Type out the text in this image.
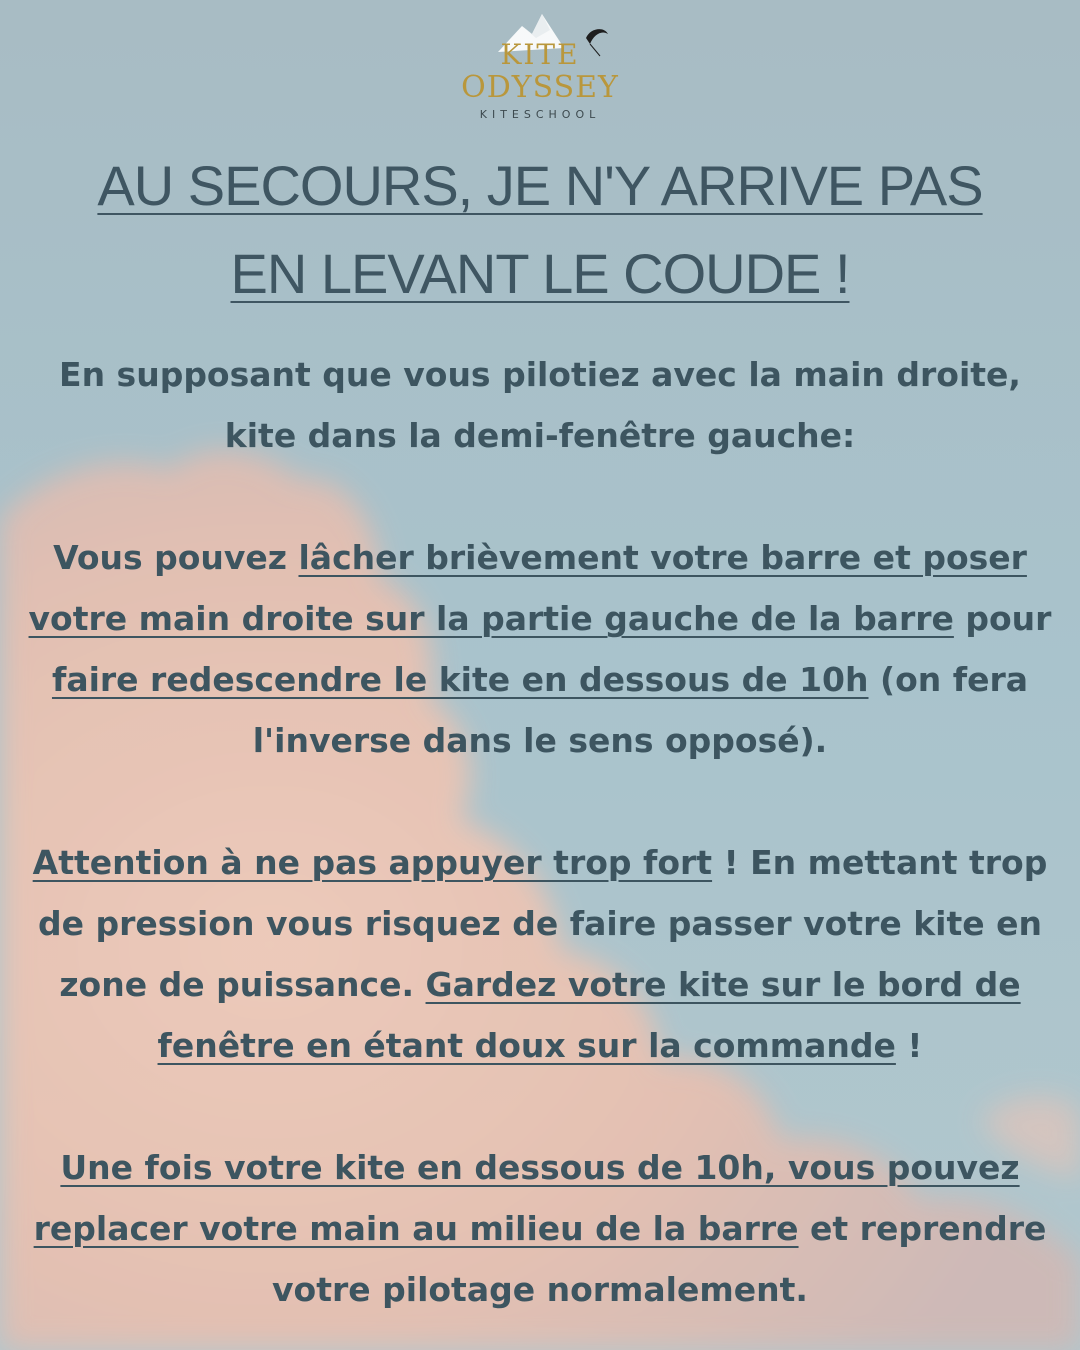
KITE
ODYSSEY
KITESCHOOL
AU SECOURS, JE N'Y ARRIVE PAS
EN LEVANT LE COUDE !

En supposant que vous pilotiez avec la main droite, kite dans la demi-fenêtre gauche:

Vous pouvez lâcher brièvement votre barre et poser votre main droite sur la partie gauche de la barre pour faire redescendre le kite en dessous de 10h (on fera l'inverse dans le sens opposé).

Attention à ne pas appuyer trop fort ! En mettant trop de pression vous risquez de faire passer votre kite en zone de puissance. Gardez votre kite sur le bord de fenêtre en étant doux sur la commande !

Une fois votre kite en dessous de 10h, vous pouvez replacer votre main au milieu de la barre et reprendre votre pilotage normalement.
